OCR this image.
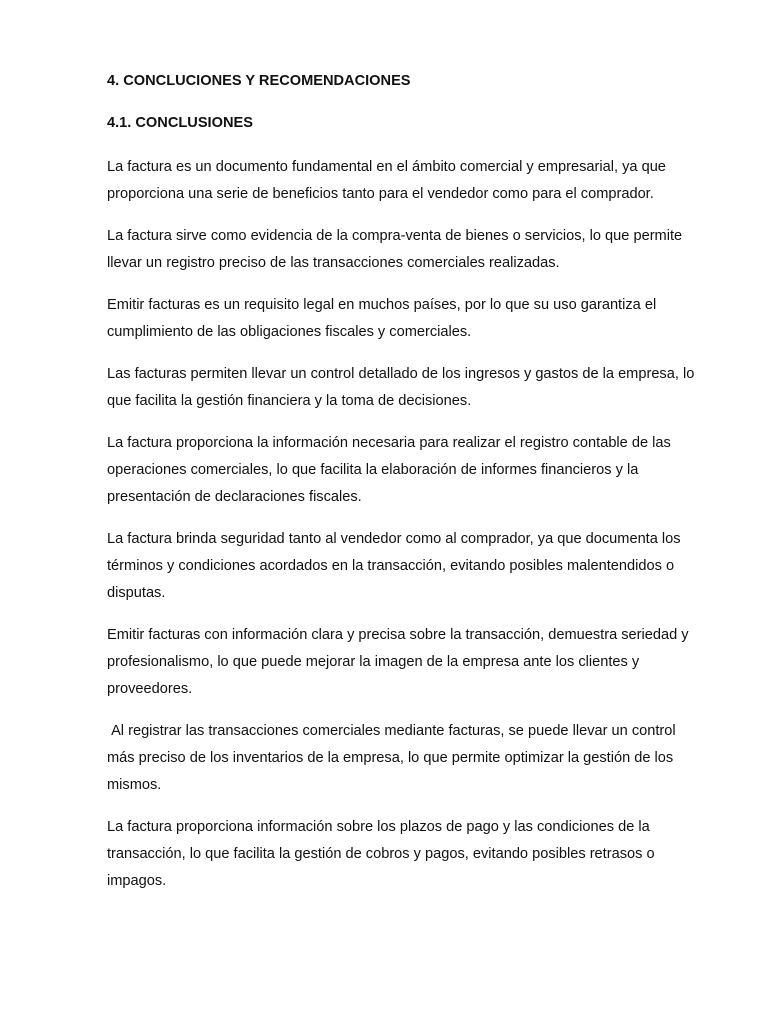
4. CONCLUCIONES Y RECOMENDACIONES

4.1. CONCLUSIONES

La factura es un documento fundamental en el ámbito comercial y empresarial, ya que proporciona una serie de beneficios tanto para el vendedor como para el comprador.

La factura sirve como evidencia de la compra-venta de bienes o servicios, lo que permite llevar un registro preciso de las transacciones comerciales realizadas.

Emitir facturas es un requisito legal en muchos países, por lo que su uso garantiza el cumplimiento de las obligaciones fiscales y comerciales.

Las facturas permiten llevar un control detallado de los ingresos y gastos de la empresa, lo que facilita la gestión financiera y la toma de decisiones.

La factura proporciona la información necesaria para realizar el registro contable de las operaciones comerciales, lo que facilita la elaboración de informes financieros y la presentación de declaraciones fiscales.

La factura brinda seguridad tanto al vendedor como al comprador, ya que documenta los términos y condiciones acordados en la transacción, evitando posibles malentendidos o disputas.

Emitir facturas con información clara y precisa sobre la transacción, demuestra seriedad y profesionalismo, lo que puede mejorar la imagen de la empresa ante los clientes y proveedores.

Al registrar las transacciones comerciales mediante facturas, se puede llevar un control más preciso de los inventarios de la empresa, lo que permite optimizar la gestión de los mismos.

La factura proporciona información sobre los plazos de pago y las condiciones de la transacción, lo que facilita la gestión de cobros y pagos, evitando posibles retrasos o impagos.
